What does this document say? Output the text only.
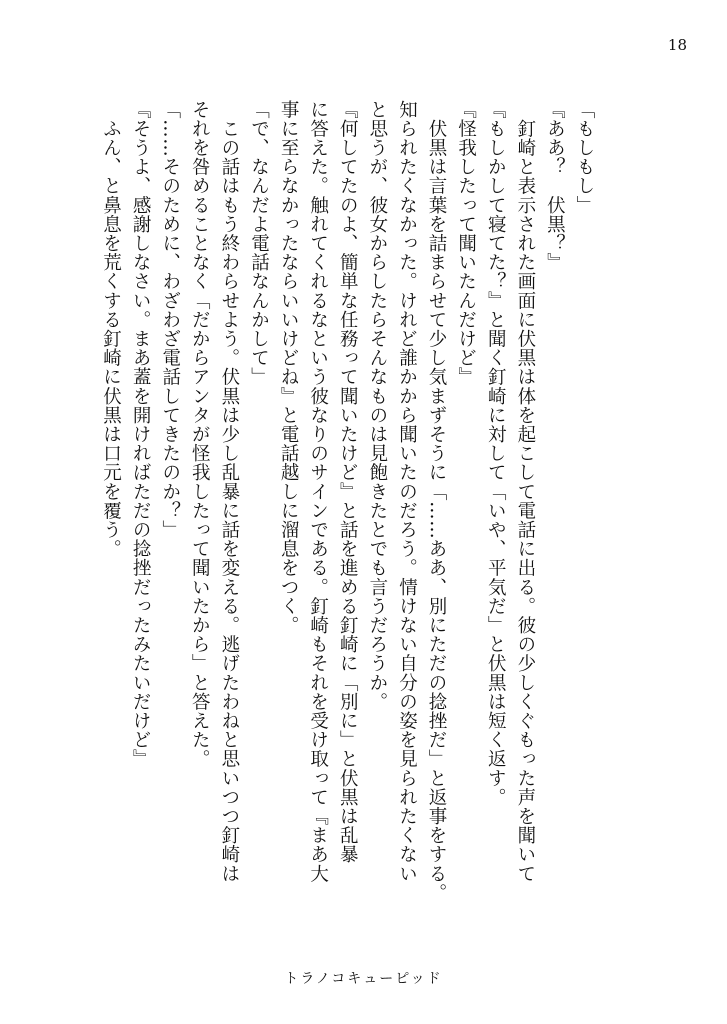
18
「もしもし」
『ああ？　伏黒？』
　釘崎と表示された画面に伏黒は体を起こして電話に出る。彼の少しくぐもった声を聞いて
『もしかして寝てた？』と聞く釘崎に対して「いや、平気だ」と伏黒は短く返す。
『怪我したって聞いたんだけど』
　伏黒は言葉を詰まらせて少し気まずそうに「……ああ、別にただの捻挫だ」と返事をする。
知られたくなかった。けれど誰かから聞いたのだろう。情けない自分の姿を見られたくない
と思うが、彼女からしたらそんなものは見飽きたとでも言うだろうか。
『何してたのよ、簡単な任務って聞いたけど』と話を進める釘崎に「別に」と伏黒は乱暴
に答えた。触れてくれるなという彼なりのサインである。釘崎もそれを受け取って『まあ大
事に至らなかったならいいけどね』と電話越しに溜息をつく。
「で、なんだよ電話なんかして」
　この話はもう終わらせよう。伏黒は少し乱暴に話を変える。逃げたわねと思いつつ釘崎は
それを咎めることなく「だからアンタが怪我したって聞いたから」と答えた。
「……そのために、わざわざ電話してきたのか？」
『そうよ、感謝しなさい。まあ蓋を開ければただの捻挫だったみたいだけど』
　ふん、と鼻息を荒くする釘崎に伏黒は口元を覆う。
トラノコキューピッド
